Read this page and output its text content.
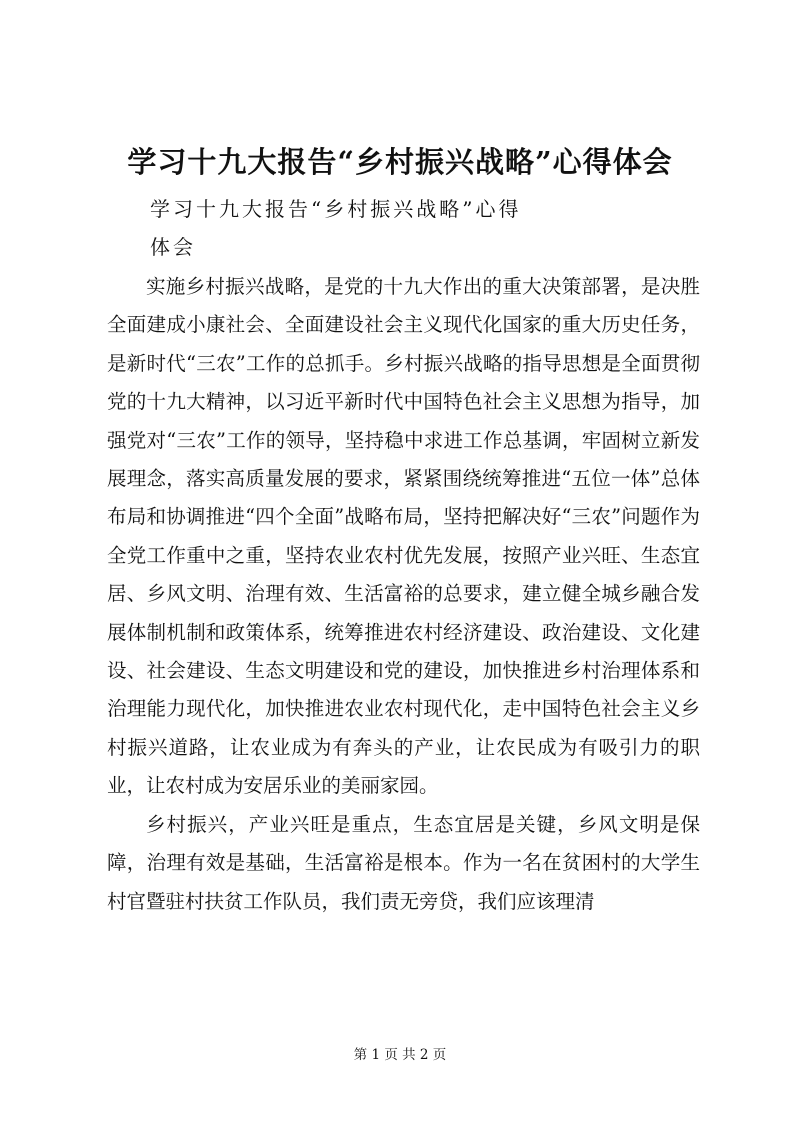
学习十九大报告“乡村振兴战略”心得体会

学习十九大报告“乡村振兴战略”心得

体会

实施乡村振兴战略，是党的十九大作出的重大决策部署，是决胜全面建成小康社会、全面建设社会主义现代化国家的重大历史任务，是新时代“三农”工作的总抓手。乡村振兴战略的指导思想是全面贯彻党的十九大精神，以习近平新时代中国特色社会主义思想为指导，加强党对“三农”工作的领导，坚持稳中求进工作总基调，牢固树立新发展理念，落实高质量发展的要求，紧紧围绕统筹推进“五位一体”总体布局和协调推进“四个全面”战略布局，坚持把解决好“三农”问题作为全党工作重中之重，坚持农业农村优先发展，按照产业兴旺、生态宜居、乡风文明、治理有效、生活富裕的总要求，建立健全城乡融合发展体制机制和政策体系，统筹推进农村经济建设、政治建设、文化建设、社会建设、生态文明建设和党的建设，加快推进乡村治理体系和治理能力现代化，加快推进农业农村现代化，走中国特色社会主义乡村振兴道路，让农业成为有奔头的产业，让农民成为有吸引力的职业，让农村成为安居乐业的美丽家园。

乡村振兴，产业兴旺是重点，生态宜居是关键，乡风文明是保障，治理有效是基础，生活富裕是根本。作为一名在贫困村的大学生村官暨驻村扶贫工作队员，我们责无旁贷，我们应该理清

第 1 页 共 2 页
